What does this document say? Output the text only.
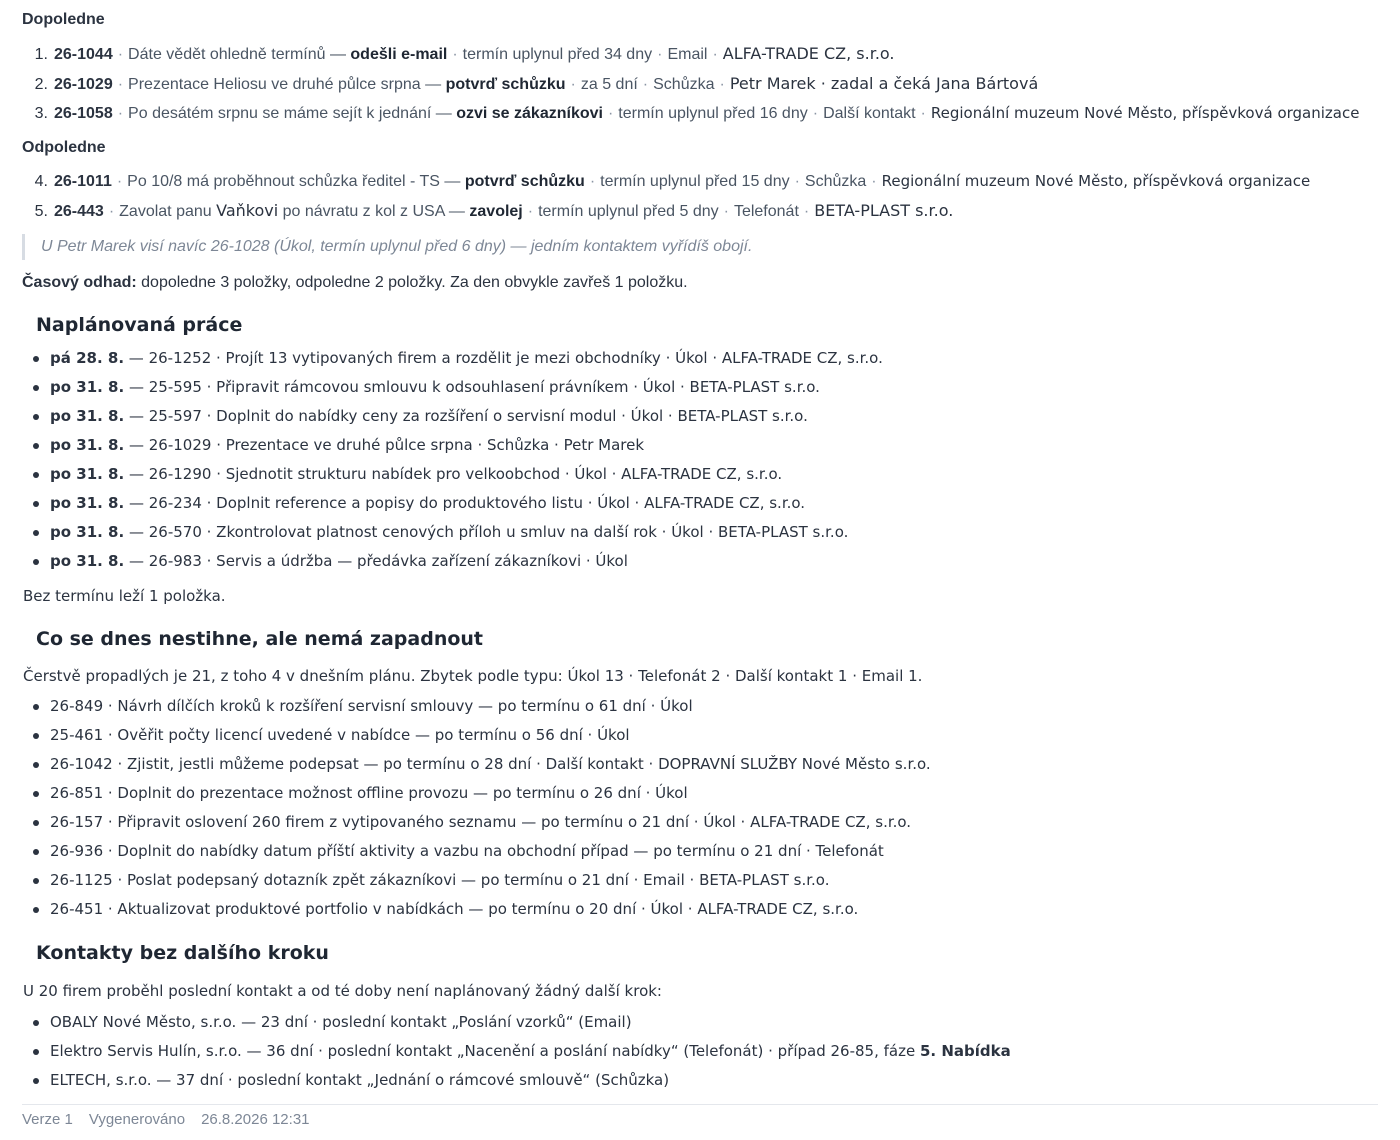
Dopoledne
1. 26-1044 · Dáte vědět ohledně termínů —
odešli e-mail · termín uplynul před 34 dny · Email · ALFA-TRADE CZ, s.r.o.
2. 26-1029 · Prezentace Heliosu ve druhé půlce srpna —
potvrď schůzku · za 5 dní · Schůzka · Petr Marek · zadal a čeká Jana Bártová
3. 26-1058 · Po desátém srpnu se máme sejít k jednání —
ozvi se zákazníkovi · termín uplynul před 16 dny · Další kontakt · Regionální muzeum Nové Město, příspěvková organizace
Odpoledne
4. 26-1011 · Po 10/8 má proběhnout schůzka ředitel - TS —
potvrď schůzku · termín uplynul před 15 dny · Schůzka · Regionální muzeum Nové Město, příspěvková organizace
5. 26-443 · Zavolat panu
Vaňkovi
po návratu z kol z USA —
zavolej · termín uplynul před 5 dny · Telefonát · BETA-PLAST s.r.o.
U Petr Marek visí navíc 26-1028 (Úkol, termín uplynul před 6 dny) — jedním kontaktem vyřídíš obojí.
Časový odhad: dopoledne 3 položky, odpoledne 2 položky. Za den obvykle zavřeš 1 položku.
Naplánovaná práce
pá 28. 8. — 26-1252 · Projít 13 vytipovaných firem a rozdělit je mezi obchodníky · Úkol · ALFA-TRADE CZ, s.r.o.
po 31. 8. — 25-595 · Připravit rámcovou smlouvu k odsouhlasení právníkem · Úkol · BETA-PLAST s.r.o.
po 31. 8. — 25-597 · Doplnit do nabídky ceny za rozšíření o servisní modul · Úkol · BETA-PLAST s.r.o.
po 31. 8. — 26-1029 · Prezentace ve druhé půlce srpna · Schůzka · Petr Marek
po 31. 8. — 26-1290 · Sjednotit strukturu nabídek pro velkoobchod · Úkol · ALFA-TRADE CZ, s.r.o.
po 31. 8. — 26-234 · Doplnit reference a popisy do produktového listu · Úkol · ALFA-TRADE CZ, s.r.o.
po 31. 8. — 26-570 · Zkontrolovat platnost cenových příloh u smluv na další rok · Úkol · BETA-PLAST s.r.o.
po 31. 8. — 26-983 · Servis a údržba — předávka zařízení zákazníkovi · Úkol
Bez termínu leží 1 položka.
Co se dnes nestihne, ale nemá zapadnout
Čerstvě propadlých je 21, z toho 4 v dnešním plánu. Zbytek podle typu: Úkol 13 · Telefonát 2 · Další kontakt 1 · Email 1.
26-849 · Návrh dílčích kroků k rozšíření servisní smlouvy — po termínu o 61 dní · Úkol
25-461 · Ověřit počty licencí uvedené v nabídce — po termínu o 56 dní · Úkol
26-1042 · Zjistit, jestli můžeme podepsat — po termínu o 28 dní · Další kontakt · DOPRAVNÍ SLUŽBY Nové Město s.r.o.
26-851 · Doplnit do prezentace možnost offline provozu — po termínu o 26 dní · Úkol
26-157 · Připravit oslovení 260 firem z vytipovaného seznamu — po termínu o 21 dní · Úkol · ALFA-TRADE CZ, s.r.o.
26-936 · Doplnit do nabídky datum příští aktivity a vazbu na obchodní případ — po termínu o 21 dní · Telefonát
26-1125 · Poslat podepsaný dotazník zpět zákazníkovi — po termínu o 21 dní · Email · BETA-PLAST s.r.o.
26-451 · Aktualizovat produktové portfolio v nabídkách — po termínu o 20 dní · Úkol · ALFA-TRADE CZ, s.r.o.
Kontakty bez dalšího kroku
U 20 firem proběhl poslední kontakt a od té doby není naplánovaný žádný další krok:
OBALY Nové Město, s.r.o. — 23 dní · poslední kontakt „Poslání vzorků“ (Email)
Elektro Servis Hulín, s.r.o. — 36 dní · poslední kontakt „Nacenění a poslání nabídky“ (Telefonát) · případ 26-85, fáze 5. Nabídka
ELTECH, s.r.o. — 37 dní · poslední kontakt „Jednání o rámcové smlouvě“ (Schůzka)
Verze 1 Vygenerováno 26.8.2026 12:31
